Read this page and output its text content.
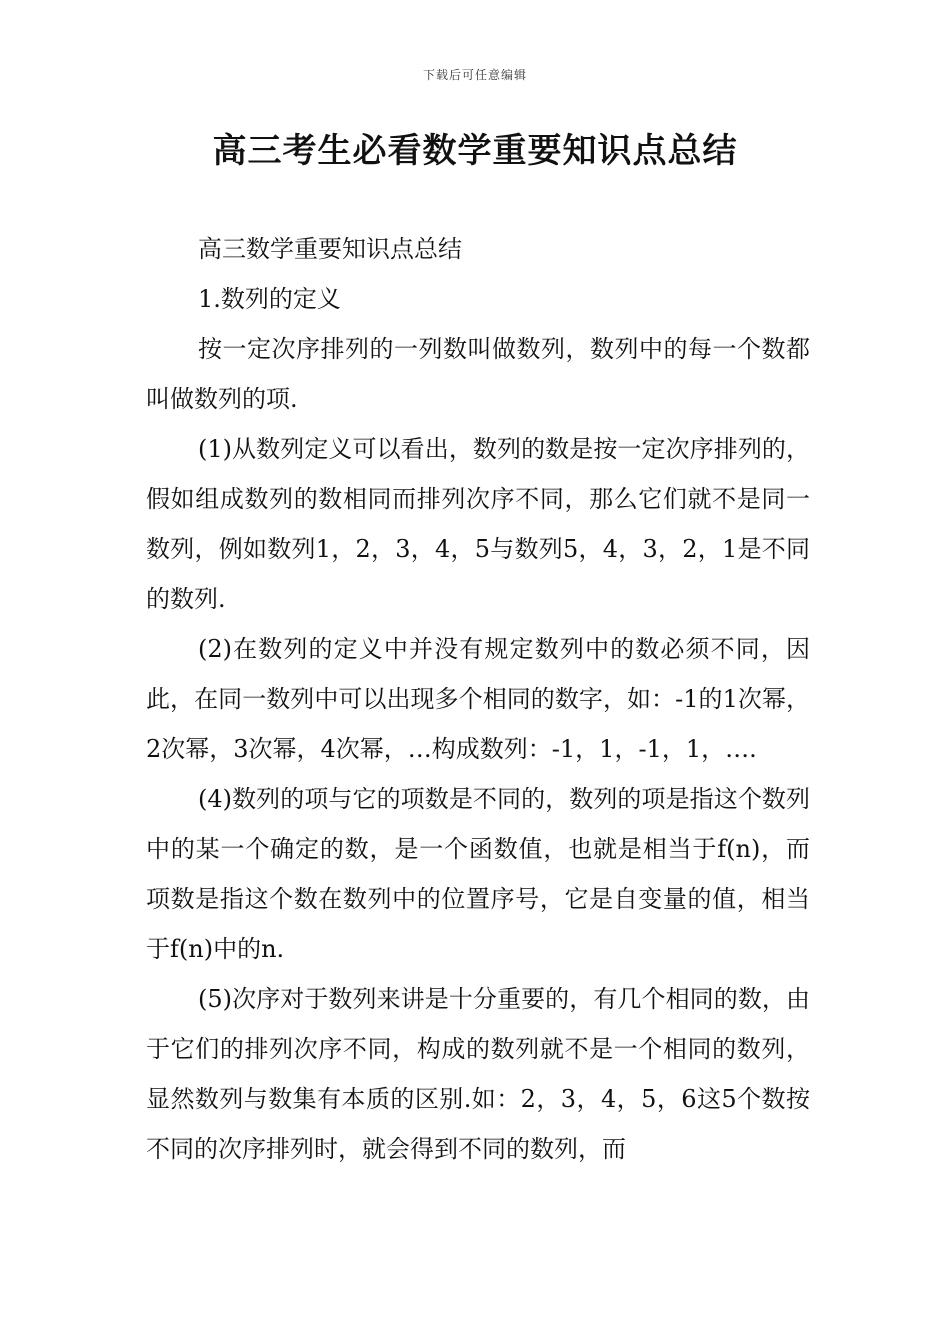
下载后可任意编辑
高三考生必看数学重要知识点总结

高三数学重要知识点总结

1.数列的定义

按一定次序排列的一列数叫做数列，数列中的每一个数都叫做数列的项.

(1)从数列定义可以看出，数列的数是按一定次序排列的，假如组成数列的数相同而排列次序不同，那么它们就不是同一数列，例如数列1，2，3，4，5与数列5，4，3，2，1是不同的数列.

(2)在数列的定义中并没有规定数列中的数必须不同，因此，在同一数列中可以出现多个相同的数字，如：-1的1次幂，2次幂，3次幂，4次幂，…构成数列：-1，1，-1，1，….

(4)数列的项与它的项数是不同的，数列的项是指这个数列中的某一个确定的数，是一个函数值，也就是相当于f(n)，而项数是指这个数在数列中的位置序号，它是自变量的值，相当于f(n)中的n.

(5)次序对于数列来讲是十分重要的，有几个相同的数，由于它们的排列次序不同，构成的数列就不是一个相同的数列，显然数列与数集有本质的区别.如：2，3，4，5，6这5个数按不同的次序排列时，就会得到不同的数列，而
